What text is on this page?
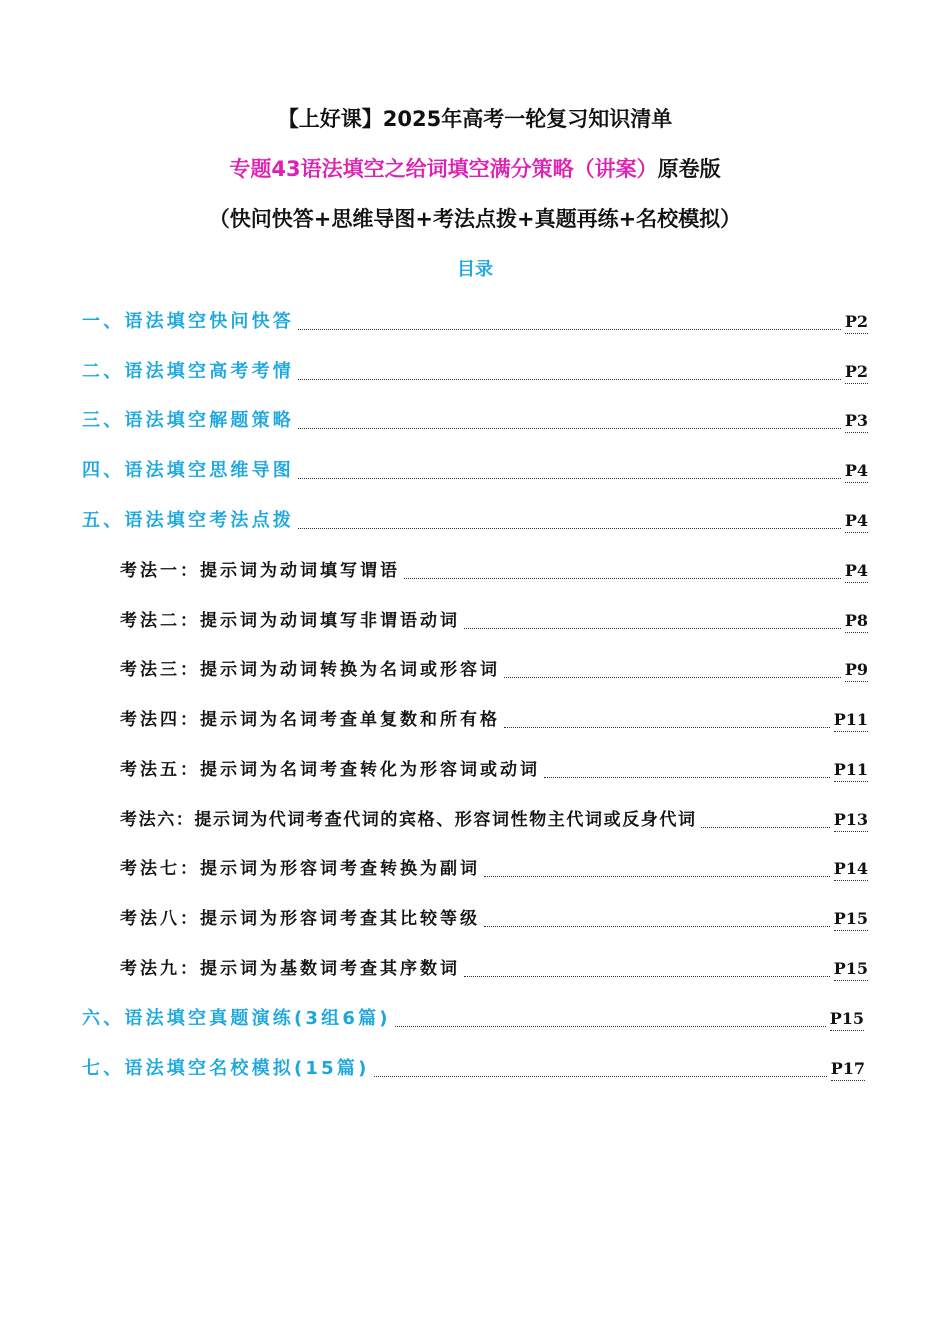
【上好课】2025年高考一轮复习知识清单
专题43语法填空之给词填空满分策略（讲案）原卷版
（快问快答+思维导图+考法点拨+真题再练+名校模拟）
目录
一、语法填空快问快答	P2
二、语法填空高考考情	P2
三、语法填空解题策略	P3
四、语法填空思维导图	P4
五、语法填空考法点拨	P4
考法一：提示词为动词填写谓语	P4
考法二：提示词为动词填写非谓语动词	P8
考法三：提示词为动词转换为名词或形容词	P9
考法四：提示词为名词考查单复数和所有格	P11
考法五：提示词为名词考查转化为形容词或动词	P11
考法六：提示词为代词考查代词的宾格、形容词性物主代词或反身代词	P13
考法七：提示词为形容词考查转换为副词	P14
考法八：提示词为形容词考查其比较等级	P15
考法九：提示词为基数词考查其序数词	P15
六、语法填空真题演练(3组6篇)	P15
七、语法填空名校模拟(15篇)	P17
